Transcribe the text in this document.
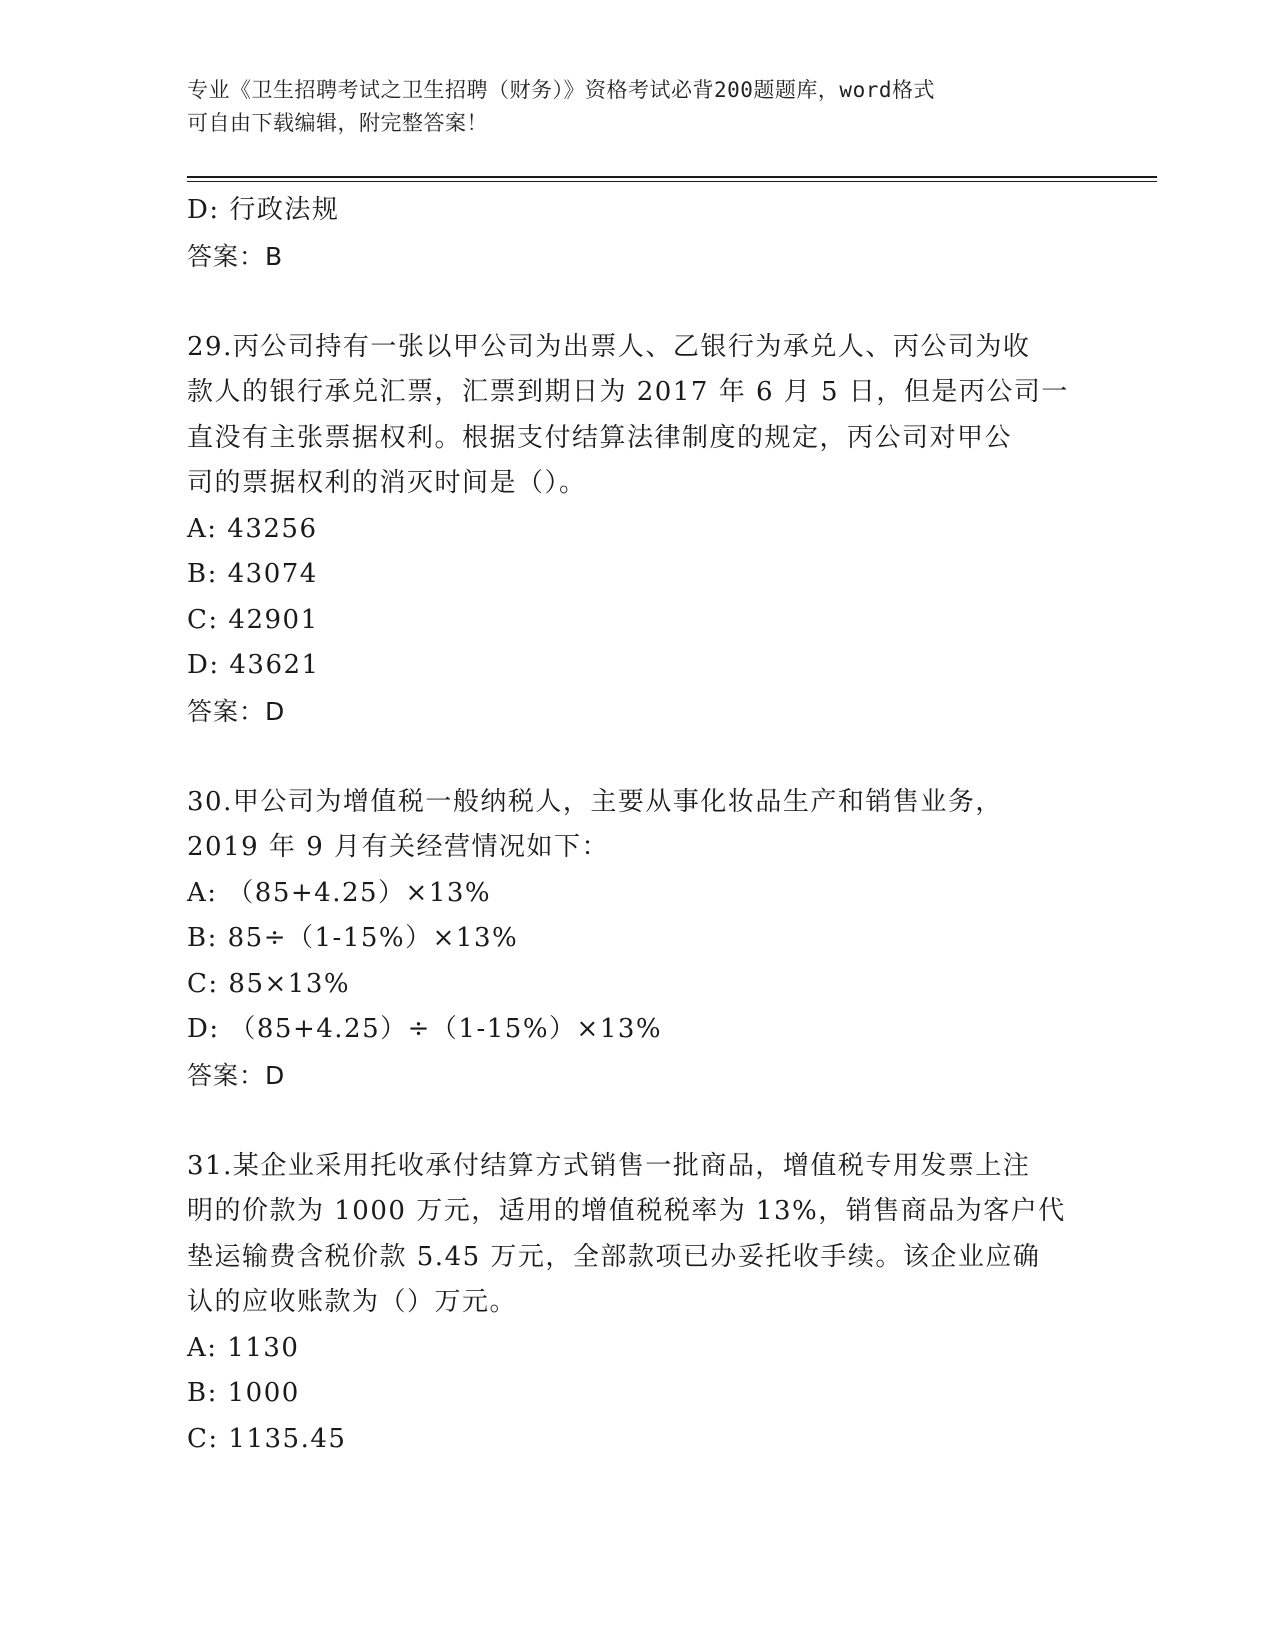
专业《卫生招聘考试之卫生招聘（财务）》资格考试必背200题题库，word格式
可自由下载编辑，附完整答案！

D: 行政法规

答案：B

29.丙公司持有一张以甲公司为出票人、乙银行为承兑人、丙公司为收

款人的银行承兑汇票，汇票到期日为 2017 年 6 月 5 日，但是丙公司一

直没有主张票据权利。根据支付结算法律制度的规定，丙公司对甲公

司的票据权利的消灭时间是（）。

A: 43256

B: 43074

C: 42901

D: 43621

答案：D

30.甲公司为增值税一般纳税人，主要从事化妆品生产和销售业务，

2019 年 9 月有关经营情况如下：

A: （85+4.25）×13%

B: 85÷（1-15%）×13%

C: 85×13%

D: （85+4.25）÷（1-15%）×13%

答案：D

31.某企业采用托收承付结算方式销售一批商品，增值税专用发票上注

明的价款为 1000 万元，适用的增值税税率为 13%，销售商品为客户代

垫运输费含税价款 5.45 万元，全部款项已办妥托收手续。该企业应确

认的应收账款为（）万元。

A: 1130

B: 1000

C: 1135.45
